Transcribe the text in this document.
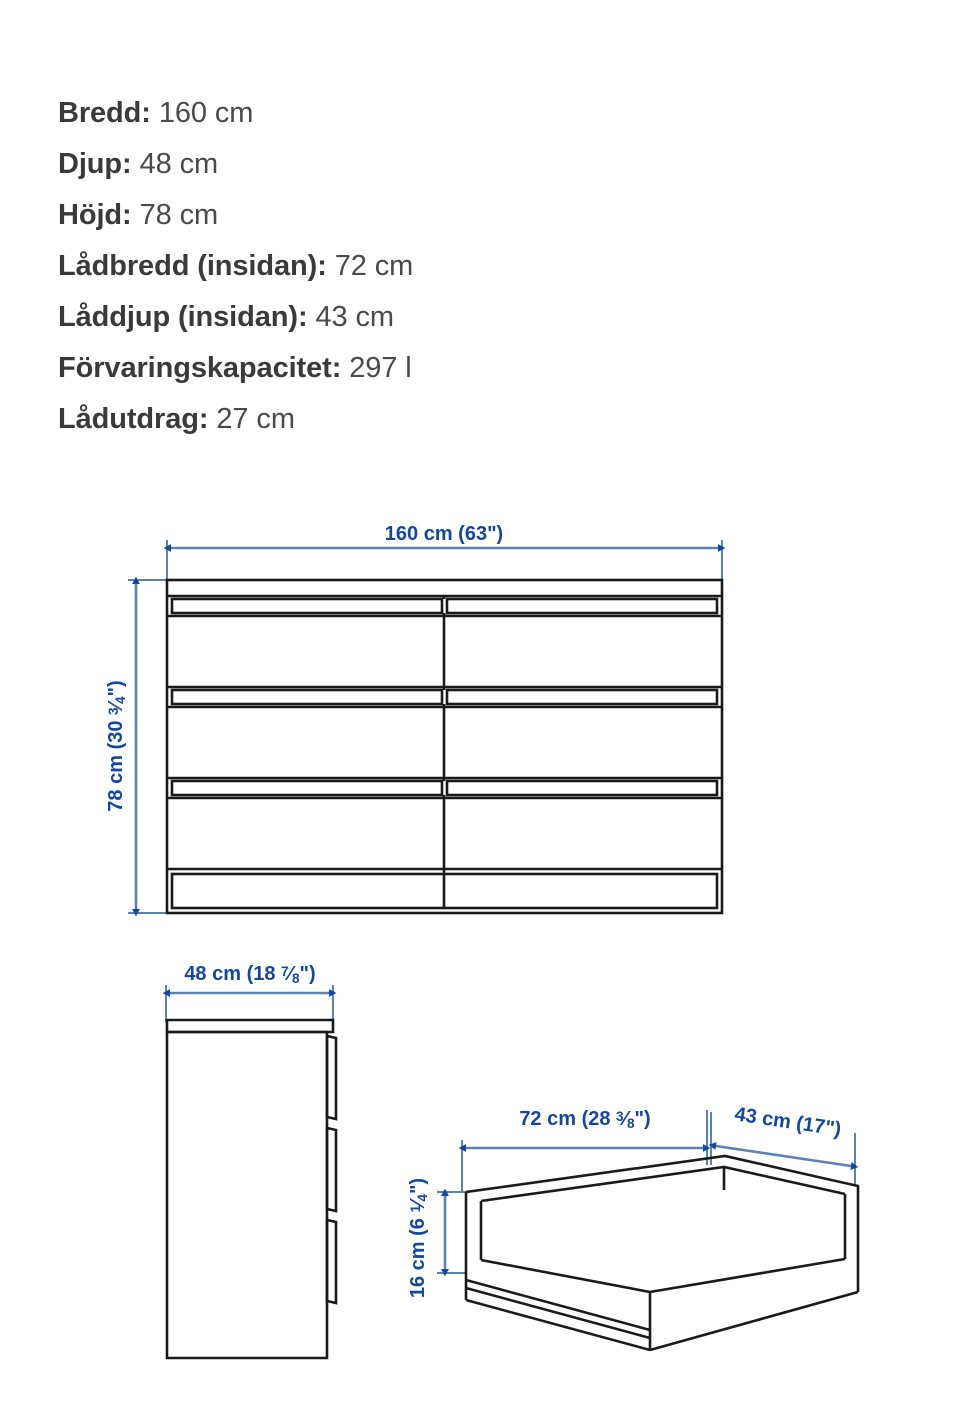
Bredd: 160 cm
Djup: 48 cm
Höjd: 78 cm
Lådbredd (insidan): 72 cm
Låddjup (insidan): 43 cm
Förvaringskapacitet: 297 l
Lådutdrag: 27 cm
160 cm (63")
78 cm (30 $^3$⁄4")
48 cm (18 $^7$⁄8")
72 cm (28 $^3$⁄8")	43 cm (17")
16 cm (6 $^1$⁄4")
